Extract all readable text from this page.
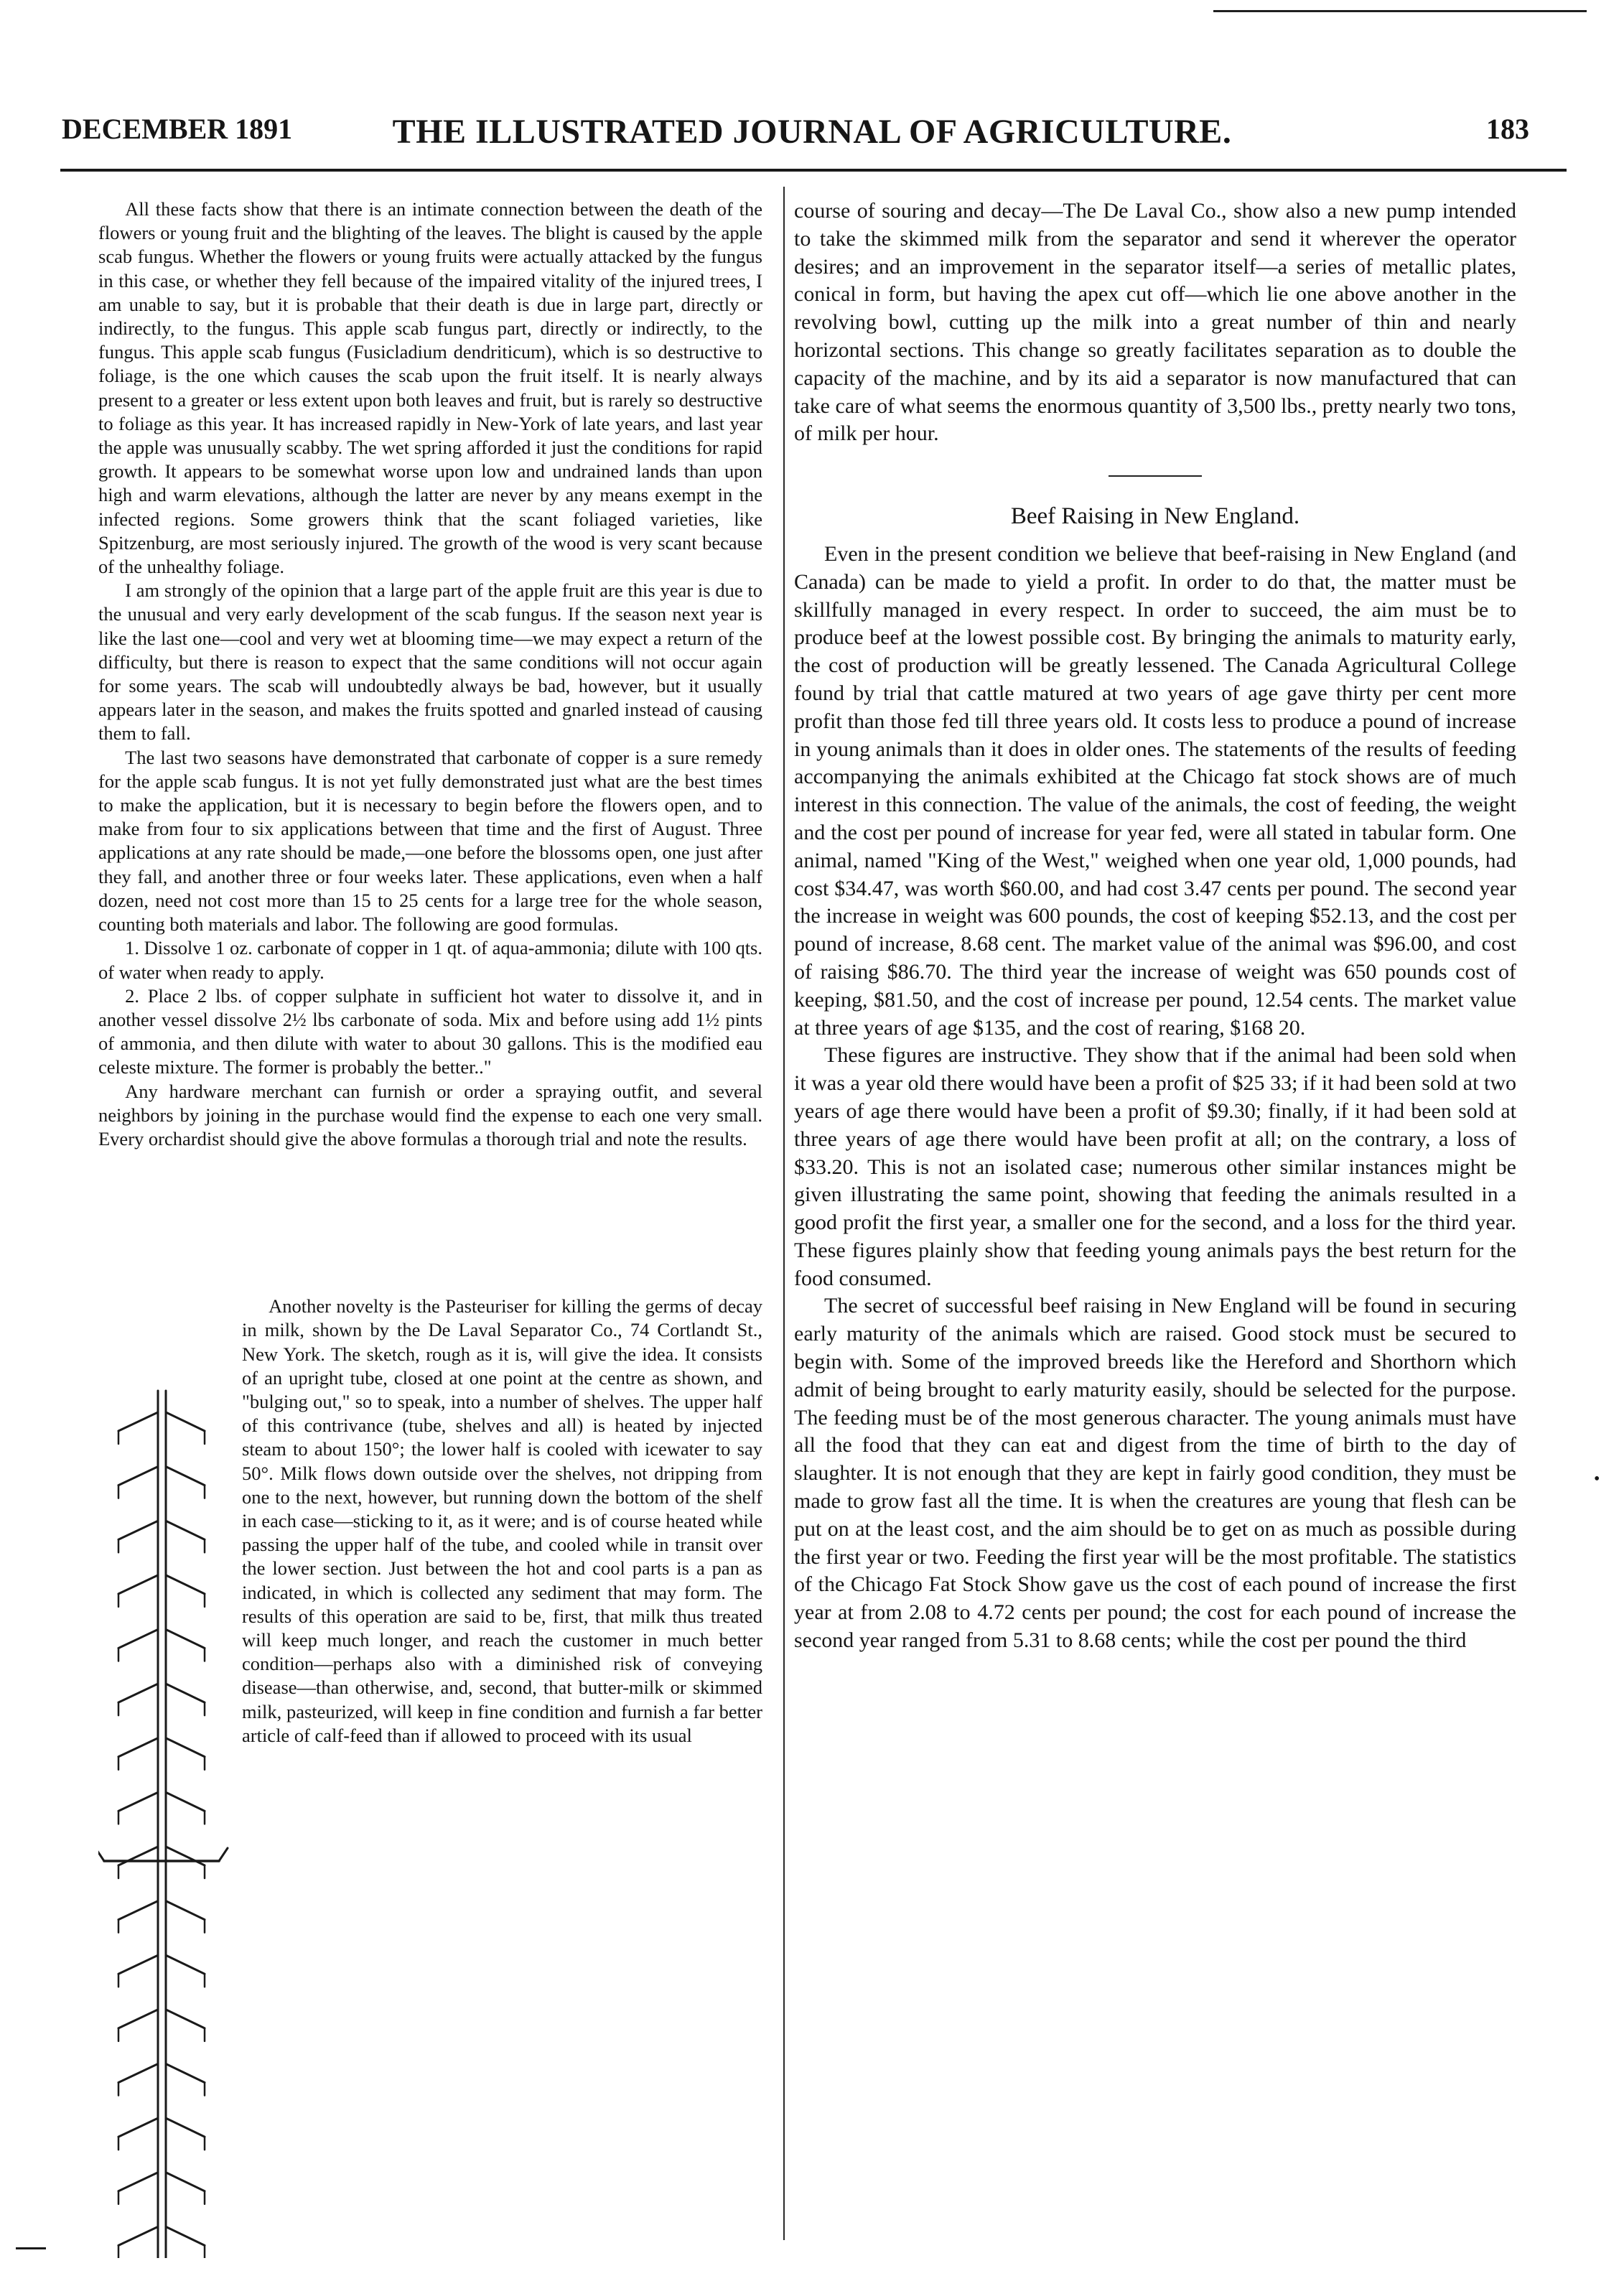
THE ILLUSTRATED JOURNAL OF AGRICULTURE.
DECEMBER 1891	183

All these facts show that there is an intimate connection between the death of the flowers or young fruit and the blighting of the leaves. The blight is caused by the apple scab fungus. Whether the flowers or young fruits were actually attacked by the fungus in this case, or whether they fell because of the impaired vitality of the injured trees, I am unable to say, but it is probable that their death is due in large part, directly or indirectly, to the fungus. This apple scab fungus part, directly or indirectly, to the fungus. This apple scab fungus (Fusicladium dendriticum), which is so destructive to foliage, is the one which causes the scab upon the fruit itself. It is nearly always present to a greater or less extent upon both leaves and fruit, but is rarely so destructive to foliage as this year. It has increased rapidly in New-York of late years, and last year the apple was unusually scabby. The wet spring afforded it just the conditions for rapid growth. It appears to be somewhat worse upon low and undrained lands than upon high and warm elevations, although the latter are never by any means exempt in the infected regions. Some growers think that the scant foliaged varieties, like Spitzenburg, are most seriously injured. The growth of the wood is very scant because of the unhealthy foliage.

I am strongly of the opinion that a large part of the apple fruit are this year is due to the unusual and very early development of the scab fungus. If the season next year is like the last one—cool and very wet at blooming time—we may expect a return of the difficulty, but there is reason to expect that the same conditions will not occur again for some years. The scab will undoubtedly always be bad, however, but it usually appears later in the season, and makes the fruits spotted and gnarled instead of causing them to fall.

The last two seasons have demonstrated that carbonate of copper is a sure remedy for the apple scab fungus. It is not yet fully demonstrated just what are the best times to make the application, but it is necessary to begin before the flowers open, and to make from four to six applications between that time and the first of August. Three applications at any rate should be made,—one before the blossoms open, one just after they fall, and another three or four weeks later. These applications, even when a half dozen, need not cost more than 15 to 25 cents for a large tree for the whole season, counting both materials and labor. The following are good formulas.

1. Dissolve 1 oz. carbonate of copper in 1 qt. of aqua-ammonia; dilute with 100 qts. of water when ready to apply.

2. Place 2 lbs. of copper sulphate in sufficient hot water to dissolve it, and in another vessel dissolve 2½ lbs carbonate of soda. Mix and before using add 1½ pints of ammonia, and then dilute with water to about 30 gallons. This is the modified eau celeste mixture. The former is probably the better.."

Any hardware merchant can furnish or order a spraying outfit, and several neighbors by joining in the purchase would find the expense to each one very small. Every orchardist should give the above formulas a thorough trial and note the results.

Another novelty is the Pasteuriser for killing the germs of decay in milk, shown by the De Laval Separator Co., 74 Cortlandt St., New York. The sketch, rough as it is, will give the idea. It consists of an upright tube, closed at one point at the centre as shown, and "bulging out," so to speak, into a number of shelves. The upper half of this contrivance (tube, shelves and all) is heated by injected steam to about 150°; the lower half is cooled with icewater to say 50°. Milk flows down outside over the shelves, not dripping from one to the next, however, but running down the bottom of the shelf in each case—sticking to it, as it were; and is of course heated while passing the upper half of the tube, and cooled while in transit over the lower section. Just between the hot and cool parts is a pan as indicated, in which is collected any sediment that may form. The results of this operation are said to be, first, that milk thus treated will keep much longer, and reach the customer in much better condition—perhaps also with a diminished risk of conveying disease—than otherwise, and, second, that butter-milk or skimmed milk, pasteurized, will keep in fine condition and furnish a far better article of calf-feed than if allowed to proceed with its usual

course of souring and decay—The De Laval Co., show also a new pump intended to take the skimmed milk from the separator and send it wherever the operator desires; and an improvement in the separator itself—a series of metallic plates, conical in form, but having the apex cut off—which lie one above another in the revolving bowl, cutting up the milk into a great number of thin and nearly horizontal sections. This change so greatly facilitates separation as to double the capacity of the machine, and by its aid a separator is now manufactured that can take care of what seems the enormous quantity of 3,500 lbs., pretty nearly two tons, of milk per hour.

Beef Raising in New England.

Even in the present condition we believe that beef-raising in New England (and Canada) can be made to yield a profit. In order to do that, the matter must be skillfully managed in every respect. In order to succeed, the aim must be to produce beef at the lowest possible cost. By bringing the animals to maturity early, the cost of production will be greatly lessened. The Canada Agricultural College found by trial that cattle matured at two years of age gave thirty per cent more profit than those fed till three years old. It costs less to produce a pound of increase in young animals than it does in older ones. The statements of the results of feeding accompanying the animals exhibited at the Chicago fat stock shows are of much interest in this connection. The value of the animals, the cost of feeding, the weight and the cost per pound of increase for year fed, were all stated in tabular form. One animal, named "King of the West," weighed when one year old, 1,000 pounds, had cost $34.47, was worth $60.00, and had cost 3.47 cents per pound. The second year the increase in weight was 600 pounds, the cost of keeping $52.13, and the cost per pound of increase, 8.68 cent. The market value of the animal was $96.00, and cost of raising $86.70. The third year the increase of weight was 650 pounds cost of keeping, $81.50, and the cost of increase per pound, 12.54 cents. The market value at three years of age $135, and the cost of rearing, $168 20.

These figures are instructive. They show that if the animal had been sold when it was a year old there would have been a profit of $25 33; if it had been sold at two years of age there would have been a profit of $9.30; finally, if it had been sold at three years of age there would have been profit at all; on the contrary, a loss of $33.20. This is not an isolated case; numerous other similar instances might be given illustrating the same point, showing that feeding the animals resulted in a good profit the first year, a smaller one for the second, and a loss for the third year. These figures plainly show that feeding young animals pays the best return for the food consumed.

The secret of successful beef raising in New England will be found in securing early maturity of the animals which are raised. Good stock must be secured to begin with. Some of the improved breeds like the Hereford and Shorthorn which admit of being brought to early maturity easily, should be selected for the purpose. The feeding must be of the most generous character. The young animals must have all the food that they can eat and digest from the time of birth to the day of slaughter. It is not enough that they are kept in fairly good condition, they must be made to grow fast all the time. It is when the creatures are young that flesh can be put on at the least cost, and the aim should be to get on as much as possible during the first year or two. Feeding the first year will be the most profitable. The statistics of the Chicago Fat Stock Show gave us the cost of each pound of increase the first year at from 2.08 to 4.72 cents per pound; the cost for each pound of increase the second year ranged from 5.31 to 8.68 cents; while the cost per pound the third

•
